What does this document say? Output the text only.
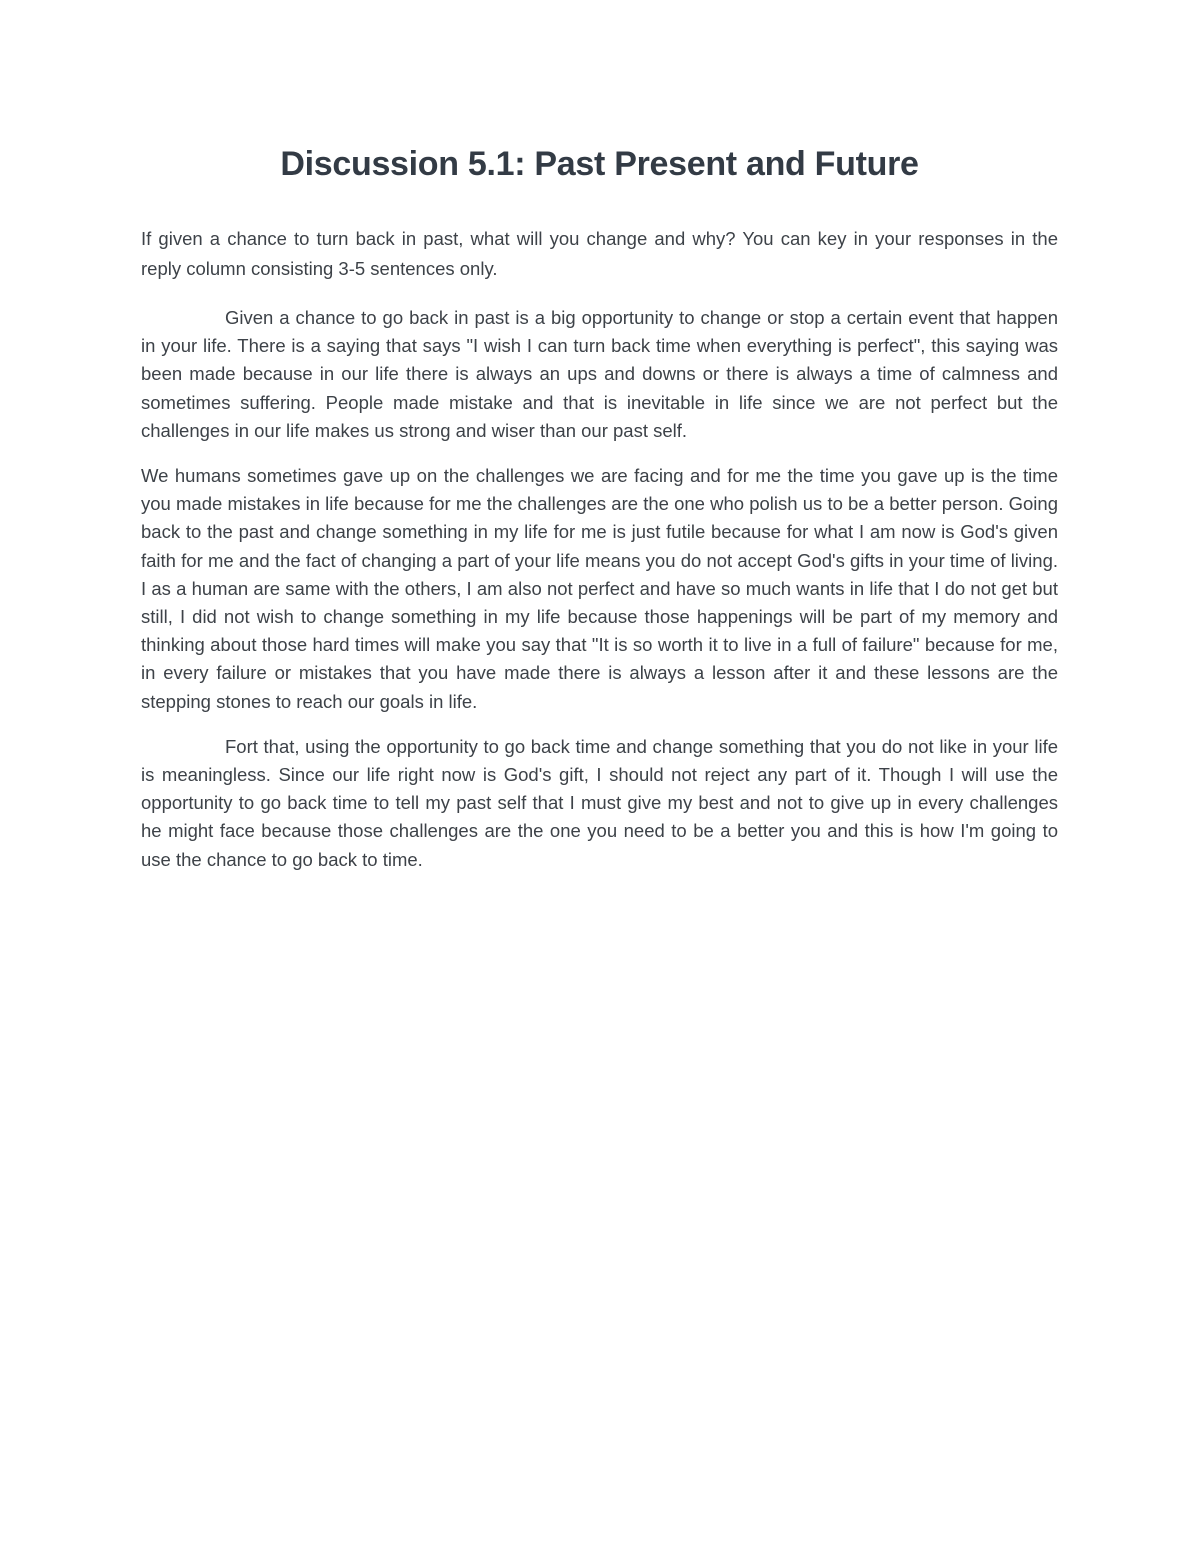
Discussion 5.1: Past Present and Future

If given a chance to turn back in past, what will you change and why? You can key in your responses in the reply column consisting 3-5 sentences only.

Given a chance to go back in past is a big opportunity to change or stop a certain event that happen in your life. There is a saying that says "I wish I can turn back time when everything is perfect", this saying was been made because in our life there is always an ups and downs or there is always a time of calmness and sometimes suffering. People made mistake and that is inevitable in life since we are not perfect but the challenges in our life makes us strong and wiser than our past self.

We humans sometimes gave up on the challenges we are facing and for me the time you gave up is the time you made mistakes in life because for me the challenges are the one who polish us to be a better person. Going back to the past and change something in my life for me is just futile because for what I am now is God's given faith for me and the fact of changing a part of your life means you do not accept God's gifts in your time of living. I as a human are same with the others, I am also not perfect and have so much wants in life that I do not get but still, I did not wish to change something in my life because those happenings will be part of my memory and thinking about those hard times will make you say that "It is so worth it to live in a full of failure" because for me, in every failure or mistakes that you have made there is always a lesson after it and these lessons are the stepping stones to reach our goals in life.

Fort that, using the opportunity to go back time and change something that you do not like in your life is meaningless. Since our life right now is God's gift, I should not reject any part of it. Though I will use the opportunity to go back time to tell my past self that I must give my best and not to give up in every challenges he might face because those challenges are the one you need to be a better you and this is how I'm going to use the chance to go back to time.
